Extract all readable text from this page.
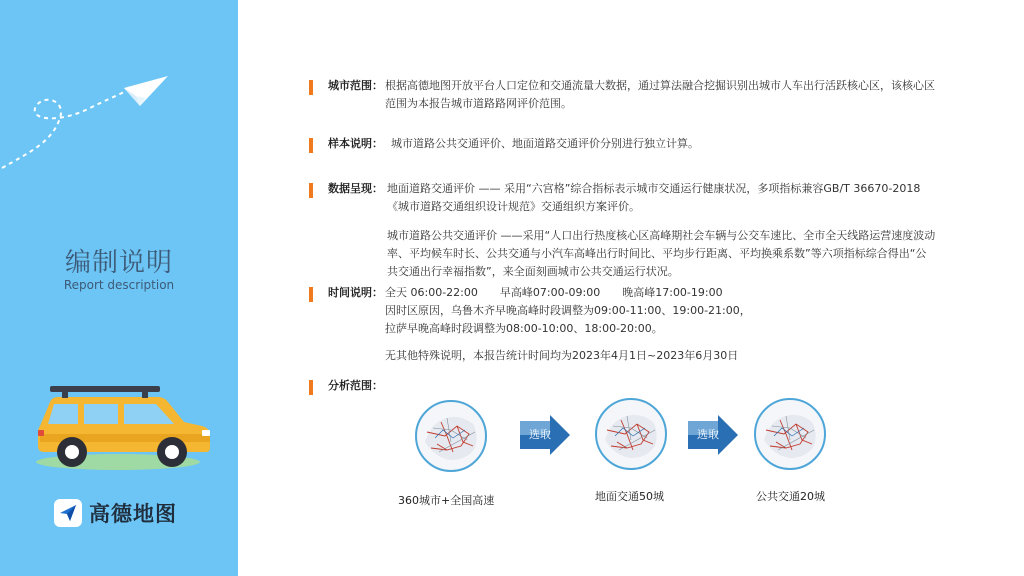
编制说明
Report description
高德地图
城市范围： 根据高德地图开放平台人口定位和交通流量大数据，通过算法融合挖掘识别出城市人车出行活跃核心区，该核心区
范围为本报告城市道路路网评价范围。
样本说明： 城市道路公共交通评价、地面道路交通评价分别进行独立计算。
数据呈现： 地面道路交通评价 —— 采用“六宫格”综合指标表示城市交通运行健康状况，多项指标兼容GB/T 36670-2018
《城市道路交通组织设计规范》交通组织方案评价。
城市道路公共交通评价 ——采用“人口出行热度核心区高峰期社会车辆与公交车速比、全市全天线路运营速度波动
率、平均候车时长、公共交通与小汽车高峰出行时间比、平均步行距离、平均换乘系数”等六项指标综合得出“公
共交通出行幸福指数”，来全面刻画城市公共交通运行状况。
时间说明： 全天 06:00-22:00　　早高峰07:00-09:00　　晚高峰17:00-19:00
因时区原因，乌鲁木齐早晚高峰时段调整为09:00-11:00、19:00-21:00，
拉萨早晚高峰时段调整为08:00-10:00、18:00-20:00。
无其他特殊说明，本报告统计时间均为2023年4月1日~2023年6月30日
分析范围：
选取	选取
360城市+全国高速	地面交通50城	公共交通20城
